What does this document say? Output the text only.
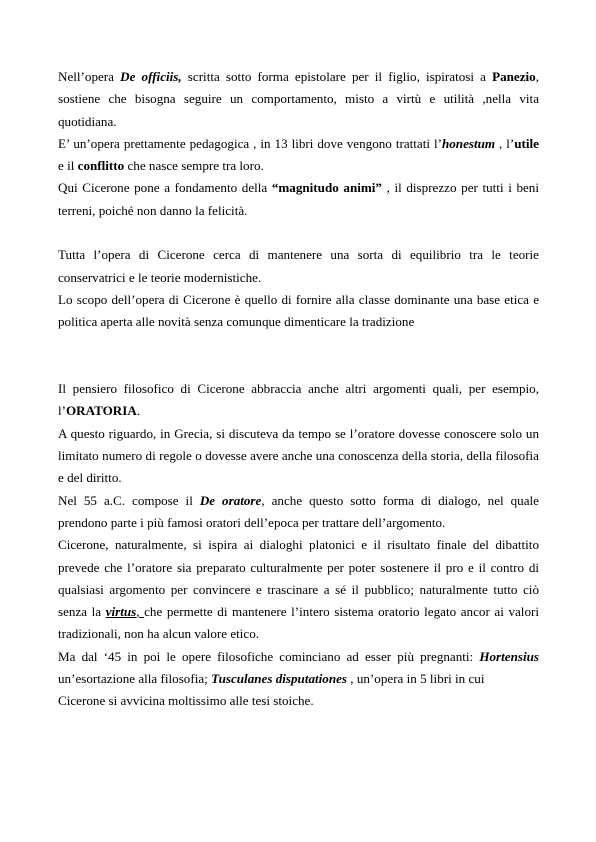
Nell’opera De officiis, scritta sotto forma epistolare per il figlio, ispiratosi a Panezio, sostiene che bisogna seguire un comportamento, misto a virtù e utilità ,nella vita quotidiana.

E’ un’opera prettamente pedagogica , in 13 libri dove vengono trattati l’honestum , l’utile e il conflitto che nasce sempre tra loro.

Qui Cicerone pone a fondamento della “magnitudo animi” , il disprezzo per tutti i beni terreni, poiché non danno la felicità.

Tutta l’opera di Cicerone cerca di mantenere una sorta di equilibrio tra le teorie conservatrici e le teorie modernistiche.

Lo scopo dell’opera di Cicerone è quello di fornire alla classe dominante una base etica e politica aperta alle novità senza comunque dimenticare la tradizione

Il pensiero filosofico di Cicerone abbraccia anche altri argomenti quali, per esempio, l’ORATORIA.

A questo riguardo, in Grecia, si discuteva da tempo se l’oratore dovesse conoscere solo un limitato numero di regole o dovesse avere anche una conoscenza della storia, della filosofia e del diritto.

Nel 55 a.C. compose il De oratore, anche questo sotto forma di dialogo, nel quale prendono parte i più famosi oratori dell’epoca per trattare dell’argomento.

Cicerone, naturalmente, si ispira ai dialoghi platonici e il risultato finale del dibattito prevede che l’oratore sia preparato culturalmente per poter sostenere il pro e il contro di qualsiasi argomento per convincere e trascinare a sé il pubblico; naturalmente tutto ciò senza la virtus, che permette di mantenere l’intero sistema oratorio legato ancor ai valori tradizionali, non ha alcun valore etico.

Ma dal ‘45 in poi le opere filosofiche cominciano ad esser più pregnanti: Hortensius un’esortazione alla filosofia; Tusculanes disputationes , un’opera in 5 libri in cui
Cicerone si avvicina moltissimo alle tesi stoiche.
